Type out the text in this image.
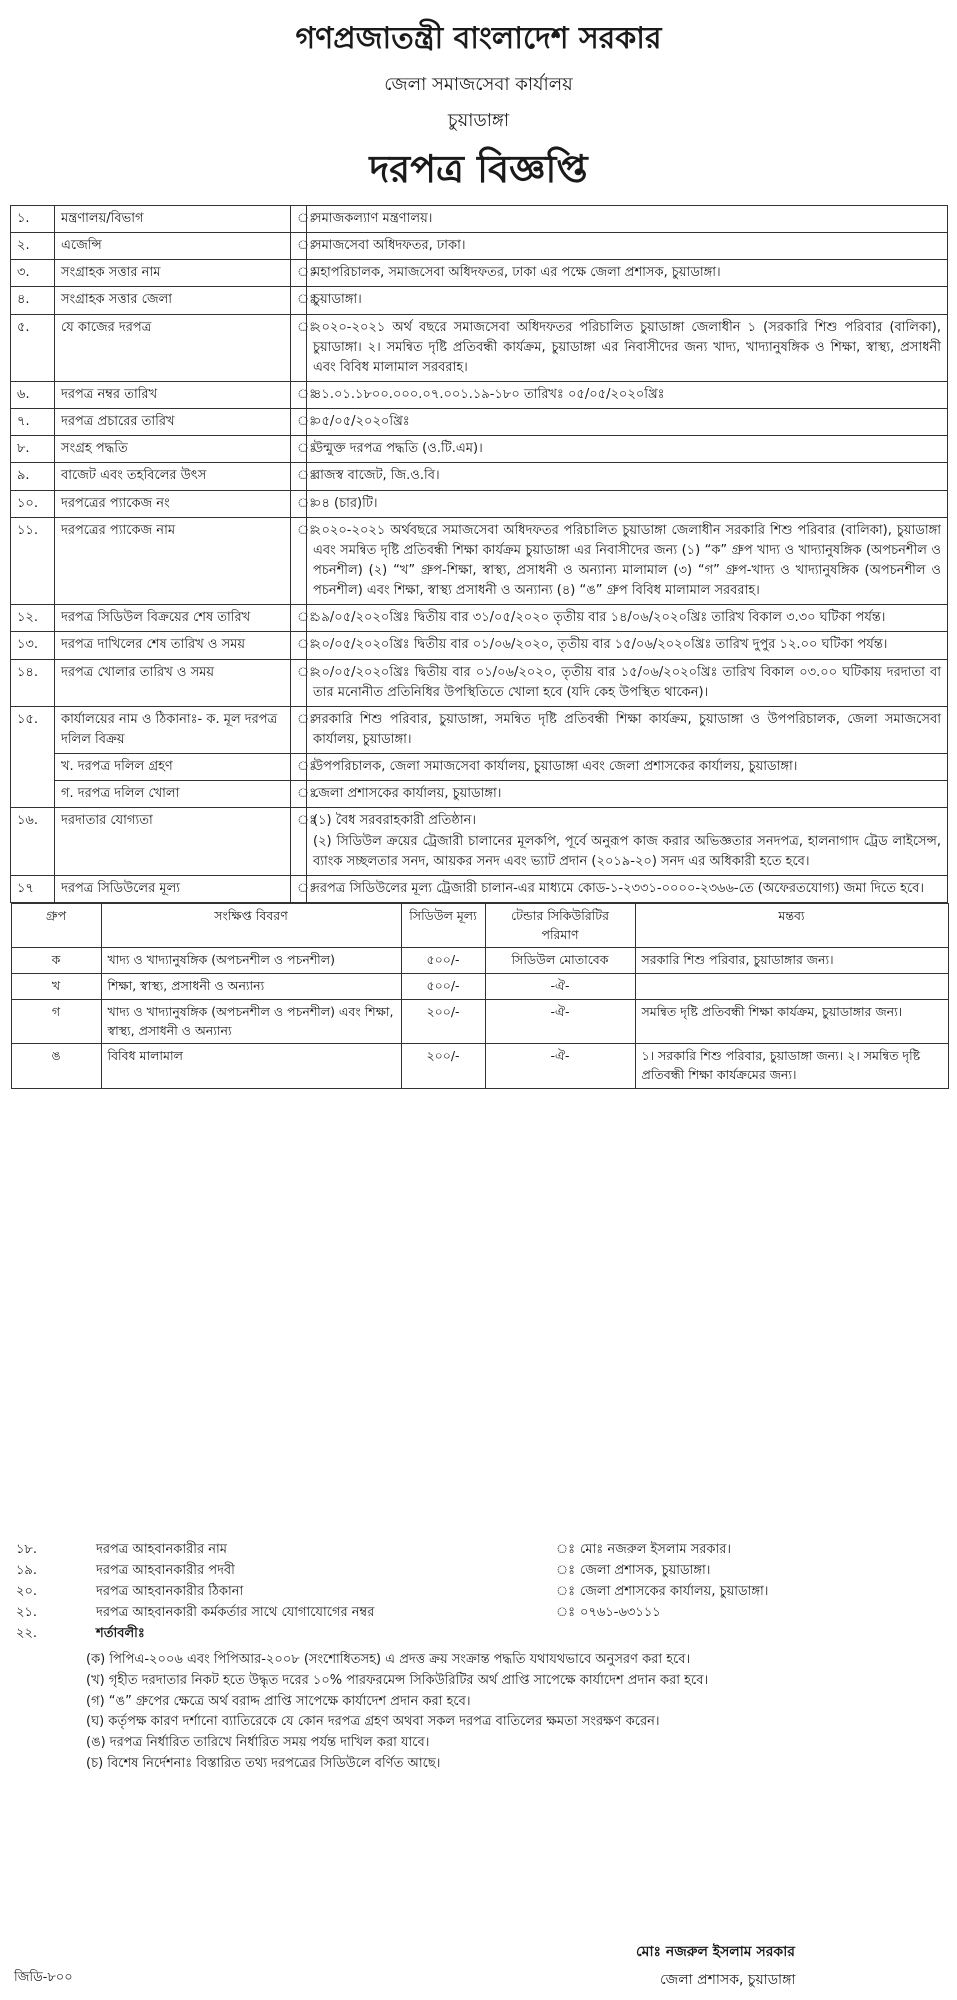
গণপ্রজাতন্ত্রী বাংলাদেশ সরকার
জেলা সমাজসেবা কার্যালয়
চুয়াডাঙ্গা
দরপত্র বিজ্ঞপ্তি
১.	মন্ত্রণালয়/বিভাগ	ঃ	সমাজকল্যাণ মন্ত্রণালয়।
২.	এজেন্সি	ঃ	সমাজসেবা অধিদফতর, ঢাকা।
৩.	সংগ্রাহক সত্তার নাম	ঃ	মহাপরিচালক, সমাজসেবা অধিদফতর, ঢাকা এর পক্ষে জেলা প্রশাসক, চুয়াডাঙ্গা।
৪.	সংগ্রাহক সত্তার জেলা	ঃ	চুয়াডাঙ্গা।
৫.	যে কাজের দরপত্র	ঃ	২০২০-২০২১ অর্থ বছরে সমাজসেবা অধিদফতর পরিচালিত চুয়াডাঙ্গা জেলাধীন ১ (সরকারি শিশু পরিবার (বালিকা), চুয়াডাঙ্গা। ২। সমন্বিত দৃষ্টি প্রতিবন্ধী কার্যক্রম, চুয়াডাঙ্গা এর নিবাসীদের জন্য খাদ্য, খাদ্যানুষঙ্গিক ও শিক্ষা, স্বাস্থ্য, প্রসাধনী এবং বিবিধ মালামাল সরবরাহ।
৬.	দরপত্র নম্বর তারিখ	ঃ	৪১.০১.১৮০০.০০০.০৭.০০১.১৯-১৮০ তারিখঃ ০৫/০৫/২০২০খ্রিঃ
৭.	দরপত্র প্রচারের তারিখ	ঃ	০৫/০৫/২০২০খ্রিঃ
৮.	সংগ্রহ পদ্ধতি	ঃ	উন্মুক্ত দরপত্র পদ্ধতি (ও.টি.এম)।
৯.	বাজেট এবং তহবিলের উৎস	ঃ	রাজস্ব বাজেট, জি.ও.বি।
১০.	দরপত্রের প্যাকেজ নং	ঃ	০৪ (চার)টি।
১১.	দরপত্রের প্যাকেজ নাম	ঃ	২০২০-২০২১ অর্থবছরে সমাজসেবা অধিদফতর পরিচালিত চুয়াডাঙ্গা জেলাধীন সরকারি শিশু পরিবার (বালিকা), চুয়াডাঙ্গা এবং সমন্বিত দৃষ্টি প্রতিবন্ধী শিক্ষা কার্যক্রম চুয়াডাঙ্গা এর নিবাসীদের জন্য (১) “ক” গ্রুপ খাদ্য ও খাদ্যানুষঙ্গিক (অপচনশীল ও পচনশীল) (২) “খ” গ্রুপ-শিক্ষা, স্বাস্থ্য, প্রসাধনী ও অন্যান্য মালামাল (৩) “গ” গ্রুপ-খাদ্য ও খাদ্যানুষঙ্গিক (অপচনশীল ও পচনশীল) এবং শিক্ষা, স্বাস্থ্য প্রসাধনী ও অন্যান্য (৪) “ঙ” গ্রুপ বিবিধ মালামাল সরবরাহ।
১২.	দরপত্র সিডিউল বিক্রয়ের শেষ তারিখ	ঃ	১৯/০৫/২০২০খ্রিঃ দ্বিতীয় বার ৩১/০৫/২০২০ তৃতীয় বার ১৪/০৬/২০২০খ্রিঃ তারিখ বিকাল ৩.৩০ ঘটিকা পর্যন্ত।
১৩.	দরপত্র দাখিলের শেষ তারিখ ও সময়	ঃ	২০/০৫/২০২০খ্রিঃ দ্বিতীয় বার ০১/০৬/২০২০, তৃতীয় বার ১৫/০৬/২০২০খ্রিঃ তারিখ দুপুর ১২.০০ ঘটিকা পর্যন্ত।
১৪.	দরপত্র খোলার তারিখ ও সময়	ঃ	২০/০৫/২০২০খ্রিঃ দ্বিতীয় বার ০১/০৬/২০২০, তৃতীয় বার ১৫/০৬/২০২০খ্রিঃ তারিখ বিকাল ০৩.০০ ঘটিকায় দরদাতা বা তার মনোনীত প্রতিনিধির উপস্থিতিতে খোলা হবে (যদি কেহ উপস্থিত থাকেন)।
১৫.	কার্যালয়ের নাম ও ঠিকানাঃ- ক. মূল দরপত্র দলিল বিক্রয়	ঃ	সরকারি শিশু পরিবার, চুয়াডাঙ্গা, সমন্বিত দৃষ্টি প্রতিবন্ধী শিক্ষা কার্যক্রম, চুয়াডাঙ্গা ও উপপরিচালক, জেলা সমাজসেবা কার্যালয়, চুয়াডাঙ্গা।
খ. দরপত্র দলিল গ্রহণ	ঃ	উপপরিচালক, জেলা সমাজসেবা কার্যালয়, চুয়াডাঙ্গা এবং জেলা প্রশাসকের কার্যালয়, চুয়াডাঙ্গা।
গ. দরপত্র দলিল খোলা	ঃ	জেলা প্রশাসকের কার্যালয়, চুয়াডাঙ্গা।
১৬.	দরদাতার যোগ্যতা	ঃ	
(১) বৈধ সরবরাহকারী প্রতিষ্ঠান।
(২) সিডিউল ক্রয়ের ট্রেজারী চালানের মূলকপি, পূর্বে অনুরূপ কাজ করার অভিজ্ঞতার সনদপত্র, হালনাগাদ ট্রেড লাইসেন্স, ব্যাংক সচ্ছলতার সনদ, আয়কর সনদ এবং ভ্যাট প্রদান (২০১৯-২০) সনদ এর অধিকারী হতে হবে।

১৭	দরপত্র সিডিউলের মূল্য	ঃ	দরপত্র সিডিউলের মূল্য ট্রেজারী চালান-এর মাধ্যমে কোড-১-২৩৩১-০০০০-২৩৬৬-তে (অফেরতযোগ্য) জমা দিতে হবে।

গ্রুপ	সংক্ষিপ্ত বিবরণ	সিডিউল মূল্য	টেন্ডার সিকিউরিটির পরিমাণ	মন্তব্য
ক	খাদ্য ও খাদ্যানুষঙ্গিক (অপচনশীল ও পচনশীল)	৫০০/-	সিডিউল মোতাবেক	সরকারি শিশু পরিবার, চুয়াডাঙ্গার জন্য।
খ	শিক্ষা, স্বাস্থ্য, প্রসাধনী ও অন্যান্য	৫০০/-	-ঐ-	
গ	খাদ্য ও খাদ্যানুষঙ্গিক (অপচনশীল ও পচনশীল) এবং শিক্ষা, স্বাস্থ্য, প্রসাধনী ও অন্যান্য	২০০/-	-ঐ-	সমন্বিত দৃষ্টি প্রতিবন্ধী শিক্ষা কার্যক্রম, চুয়াডাঙ্গার জন্য।
ঙ	বিবিধ মালামাল	২০০/-	-ঐ-	১। সরকারি শিশু পরিবার, চুয়াডাঙ্গা জন্য। ২। সমন্বিত দৃষ্টি প্রতিবন্ধী শিক্ষা কার্যক্রমের জন্য।
১৮.	দরপত্র আহবানকারীর নাম	ঃ মোঃ নজরুল ইসলাম সরকার।
১৯.	দরপত্র আহবানকারীর পদবী	ঃ জেলা প্রশাসক, চুয়াডাঙ্গা।
২০.	দরপত্র আহবানকারীর ঠিকানা	ঃ জেলা প্রশাসকের কার্যালয়, চুয়াডাঙ্গা।
২১.	দরপত্র আহবানকারী কর্মকর্তার সাথে যোগাযোগের নম্বর	ঃ ০৭৬১-৬৩১১১
২২.	শর্তাবলীঃ

(ক) পিপিএ-২০০৬ এবং পিপিআর-২০০৮ (সংশোধিতসহ) এ প্রদত্ত ক্রয় সংক্রান্ত পদ্ধতি যথাযথভাবে অনুসরণ করা হবে।

(খ) গৃহীত দরদাতার নিকট হতে উদ্ধৃত দরের ১০% পারফরমেন্স সিকিউরিটির অর্থ প্রাপ্তি সাপেক্ষে কার্যাদেশ প্রদান করা হবে।

(গ) “ঙ” গ্রুপের ক্ষেত্রে অর্থ বরাদ্দ প্রাপ্তি সাপেক্ষে কার্যাদেশ প্রদান করা হবে।

(ঘ) কর্তৃপক্ষ কারণ দর্শানো ব্যাতিরেকে যে কোন দরপত্র গ্রহণ অথবা সকল দরপত্র বাতিলের ক্ষমতা সংরক্ষণ করেন।

(ঙ) দরপত্র নির্ধারিত তারিখে নির্ধারিত সময় পর্যন্ত দাখিল করা যাবে।

(চ) বিশেষ নির্দেশনাঃ বিস্তারিত তথ্য দরপত্রের সিডিউলে বর্ণিত আছে।

মোঃ নজরুল ইসলাম সরকার
জেলা প্রশাসক, চুয়াডাঙ্গা
জিডি-৮০০
